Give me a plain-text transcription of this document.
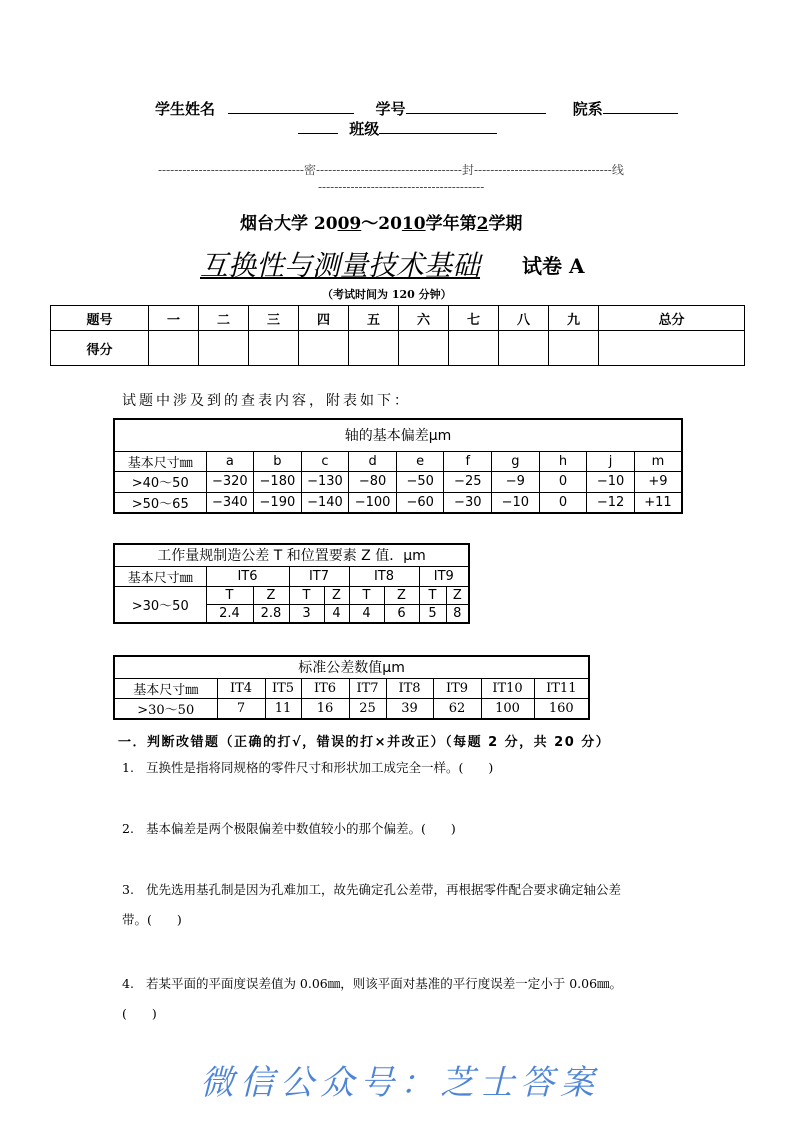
学生姓名	学号	院系
班级
------------------------------------密------------------------------------封----------------------------------线
-----------------------------------------
烟台大学 2009～2010学年第2学期
互换性与测量技术基础 试卷 A
（考试时间为 120 分钟）
题号	一	二	三	四	五	六	七	八	九	总分
得分										
试题中涉及到的查表内容，附表如下：
轴的基本偏差µm										
基本尺寸㎜	a	b	c	d	e	f	g	h	j	m
>40～50	−320	−180	−130	−80	−50	−25	−9	0	−10	+9
>50～65	−340	−190	−140	−100	−60	−30	−10	0	−12	+11
工作量规制造公差 T 和位置要素 Z 值．µm								
基本尺寸㎜	IT6		IT7		IT8		IT9	
>30～50	T	Z	T	Z	T	Z	T	Z
	2.4	2.8	3	4	4	6	5	8
标准公差数值µm								
基本尺寸㎜	IT4	IT5	IT6	IT7	IT8	IT9	IT10	IT11
>30～50	7	11	16	25	39	62	100	160
一．判断改错题（正确的打√，错误的打×并改正）（每题 2 分，共 20 分）
1. 互换性是指将同规格的零件尺寸和形状加工成完全一样。(　　)
2. 基本偏差是两个极限偏差中数值较小的那个偏差。(　　)
3. 优先选用基孔制是因为孔难加工，故先确定孔公差带，再根据零件配合要求确定轴公差
带。(　　)
4. 若某平面的平面度误差值为 0.06㎜，则该平面对基准的平行度误差一定小于 0.06㎜。
(　　)
微信公众号：芝士答案
